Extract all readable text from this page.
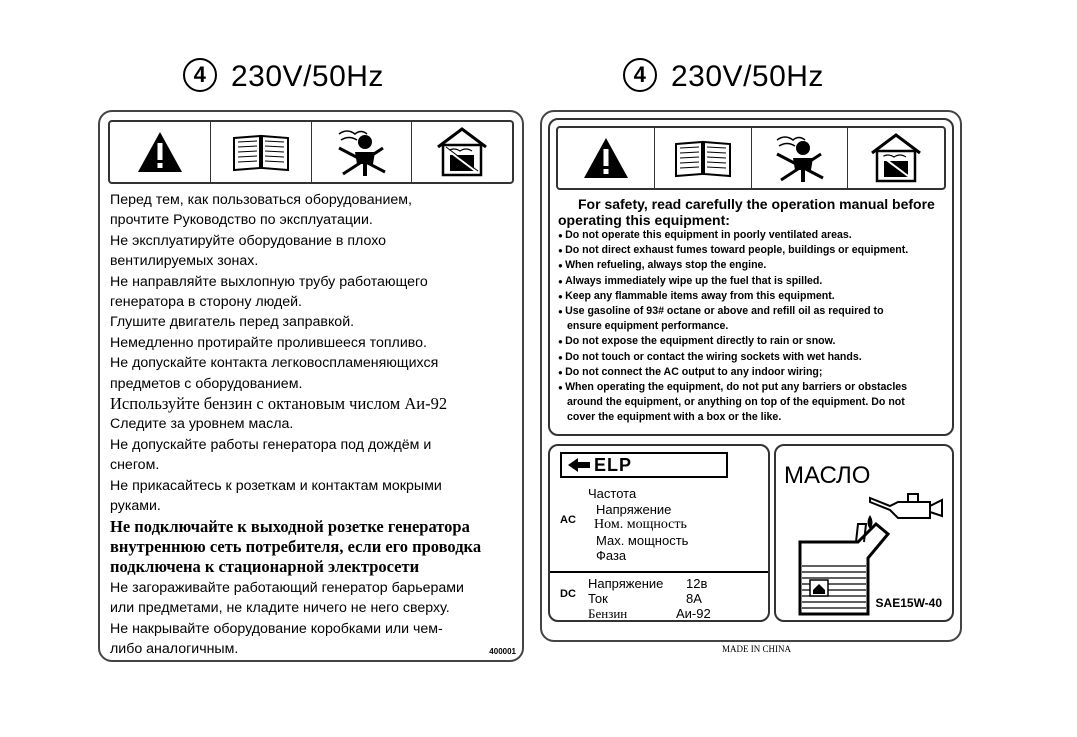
4 230V/50Hz	4 230V/50Hz
Перед тем, как пользоваться оборудованием,
прочтите Руководство по эксплуатации.
Не эксплуатируйте оборудование в плохо
вентилируемых зонах.
Не направляйте выхлопную трубу работающего
генератора в сторону людей.
Глушите двигатель перед заправкой.
Немедленно протирайте пролившееся топливо.
Не допускайте контакта легковоспламеняющихся
предметов с оборудованием.
Используйте бензин с октановым числом Аи-92
Следите за уровнем масла.
Не допускайте работы генератора под дождём и
снегом.
Не прикасайтесь к розеткам и контактам мокрыми
руками.
Не подключайте к выходной розетке генератора
внутреннюю сеть потребителя, если его проводка
подключена к стационарной электросети
Не загораживайте работающий генератор барьерами
или предметами, не кладите ничего не него сверху.
Не накрывайте оборудование коробками или чем-
либо аналогичным.	400001
For safety, read carefully the operation manual before
operating this equipment:
● Do not operate this equipment in poorly ventilated areas.
● Do not direct exhaust fumes toward people, buildings or equipment.
● When refueling, always stop the engine.
● Always immediately wipe up the fuel that is spilled.
● Keep any flammable items away from this equipment.
● Use gasoline of 93# octane or above and refill oil as required to
ensure equipment performance.
● Do not expose the equipment directly to rain or snow.
● Do not touch or contact the wiring sockets with wet hands.
● Do not connect the AC output to any indoor wiring;
● When operating the equipment, do not put any barriers or obstacles
around the equipment, or anything on top of the equipment. Do not
cover the equipment with a box or the like.
ELP
AC
Частота
Напряжение
Ном. мощность
Мах. мощность
Фаза
DC
Напряжение 12в
Ток	8A
Бензин	Аи-92
МАСЛО
SAE15W-40
MADE IN CHINA
